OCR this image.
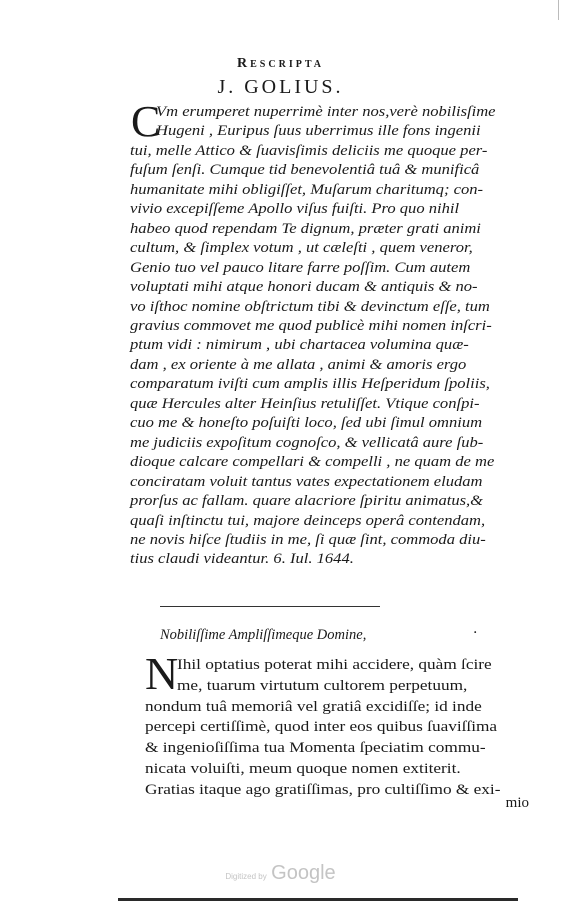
Rescripta
J. GOLIUS.
C
Vm erumperet nuperrimè inter nos,verè nobilisſime
Hugeni , Euripus ſuus uberrimus ille fons ingenii
tui, melle Attico & ſuavisſimis deliciis me quoque per-
fuſum ſenſi. Cumque tid benevolentiâ tuâ & munificâ
humanitate mihi obligiſſet, Muſarum charitumq; con-
vivio excepiſſeme Apollo viſus fuiſti. Pro quo nihil
habeo quod rependam Te dignum, præter grati animi
cultum, & ſimplex votum , ut cæleſti , quem veneror,
Genio tuo vel pauco litare farre poſſim. Cum autem
voluptati mihi atque honori ducam & antiquis & no-
vo iſthoc nomine obſtrictum tibi & devinctum eſſe, tum
gravius commovet me quod publicè mihi nomen inſcri-
ptum vidi : nimirum , ubi chartacea volumina quæ-
dam , ex oriente à me allata , animi & amoris ergo
comparatum iviſti cum amplis illis Heſperidum ſpoliis,
quæ Hercules alter Heinſius retuliſſet. Vtique conſpi-
cuo me & honeſto poſuiſti loco, ſed ubi ſimul omnium
me judiciis expoſitum cognoſco, & vellicatâ aure ſub-
dioque calcare compellari & compelli , ne quam de me
conciratam voluit tantus vates expectationem eludam
prorſus ac fallam. quare alacriore ſpiritu animatus,&
quaſi inſtinctu tui, majore deinceps operâ contendam,
ne novis hiſce ſtudiis in me, ſi quæ ſint, commoda diu-
tius claudi videantur. 6. Iul. 1644.
Nobiliſſime Ampliſſimeque Domine,	·
N
Ihil optatius poterat mihi accidere, quàm ſcire
me, tuarum virtutum cultorem perpetuum,
nondum tuâ memoriâ vel gratiâ excidiſſe; id inde
percepi certiſſimè, quod inter eos quibus ſuaviſſima
& ingenioſiſſima tua Momenta ſpeciatim commu-
nicata voluiſti, meum quoque nomen extiterit.
Gratias itaque ago gratiſſimas, pro cultiſſimo & exi-
mio
Digitized by Google
